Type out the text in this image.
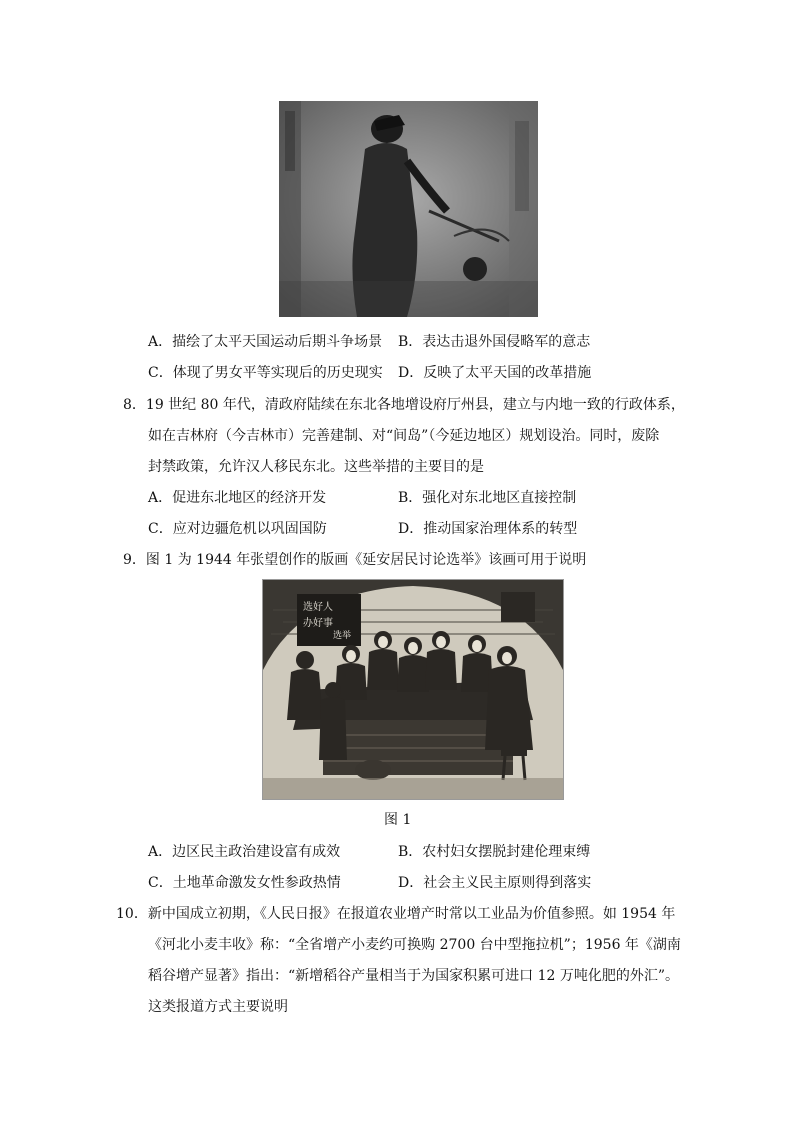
A．描绘了太平天国运动后期斗争场景 B．表达击退外国侵略军的意志
C．体现了男女平等实现后的历史现实 D．反映了太平天国的改革措施
8．19 世纪 80 年代，清政府陆续在东北各地增设府厅州县，建立与内地一致的行政体系，
如在吉林府（今吉林市）完善建制、对“间岛”（今延边地区）规划设治。同时，废除
封禁政策，允许汉人移民东北。这些举措的主要目的是
A．促进东北地区的经济开发	B．强化对东北地区直接控制
C．应对边疆危机以巩固国防	D．推动国家治理体系的转型
9．图 1 为 1944 年张望创作的版画《延安居民讨论选举》该画可用于说明
选好人
办好事
选举
图 1
A．边区民主政治建设富有成效	B．农村妇女摆脱封建伦理束缚
C．土地革命激发女性参政热情	D．社会主义民主原则得到落实
10．新中国成立初期，《人民日报》在报道农业增产时常以工业品为价值参照。如 1954 年
《河北小麦丰收》称：“全省增产小麦约可换购 2700 台中型拖拉机”；1956 年《湖南
稻谷增产显著》指出：“新增稻谷产量相当于为国家积累可进口 12 万吨化肥的外汇”。
这类报道方式主要说明
